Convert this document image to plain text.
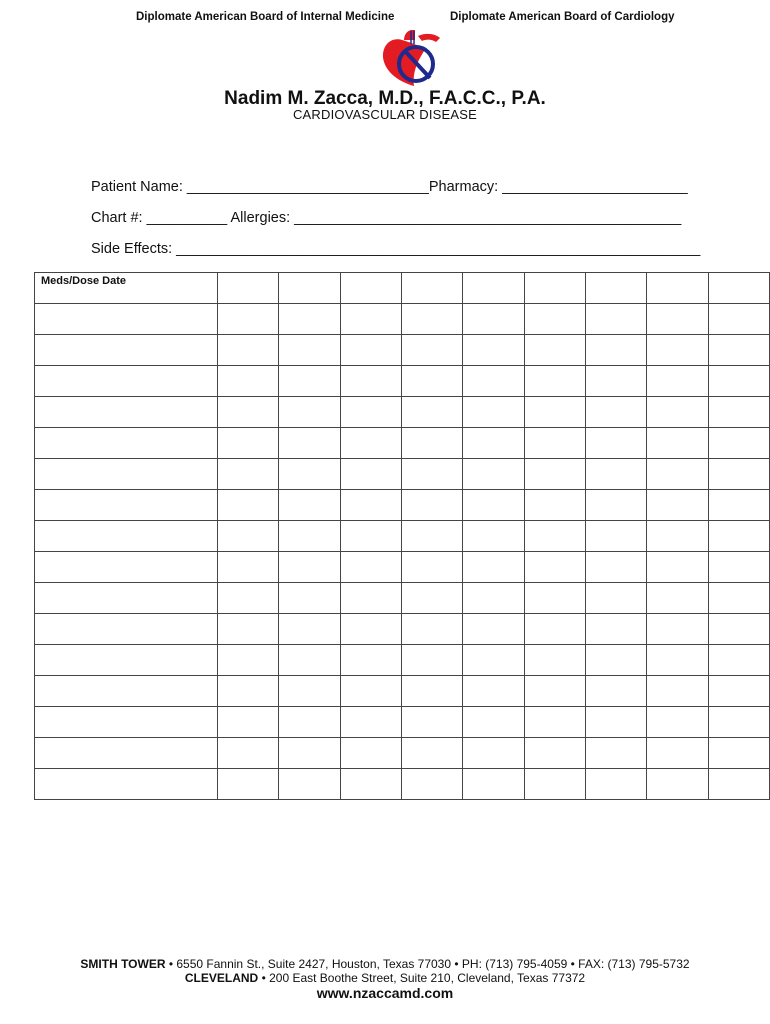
Diplomate American Board of Internal Medicine	Diplomate American Board of Cardiology
Nadim M. Zacca, M.D., F.A.C.C., P.A.
CARDIOVASCULAR DISEASE
Patient Name: ______________________________Pharmacy: _______________________
Chart #: __________ Allergies: ________________________________________________
Side Effects: _________________________________________________________________
Meds/Dose Date									

SMITH TOWER • 6550 Fannin St., Suite 2427, Houston, Texas 77030 • PH: (713) 795-4059 • FAX: (713) 795-5732
CLEVELAND • 200 East Boothe Street, Suite 210, Cleveland, Texas 77372
www.nzaccamd.com
